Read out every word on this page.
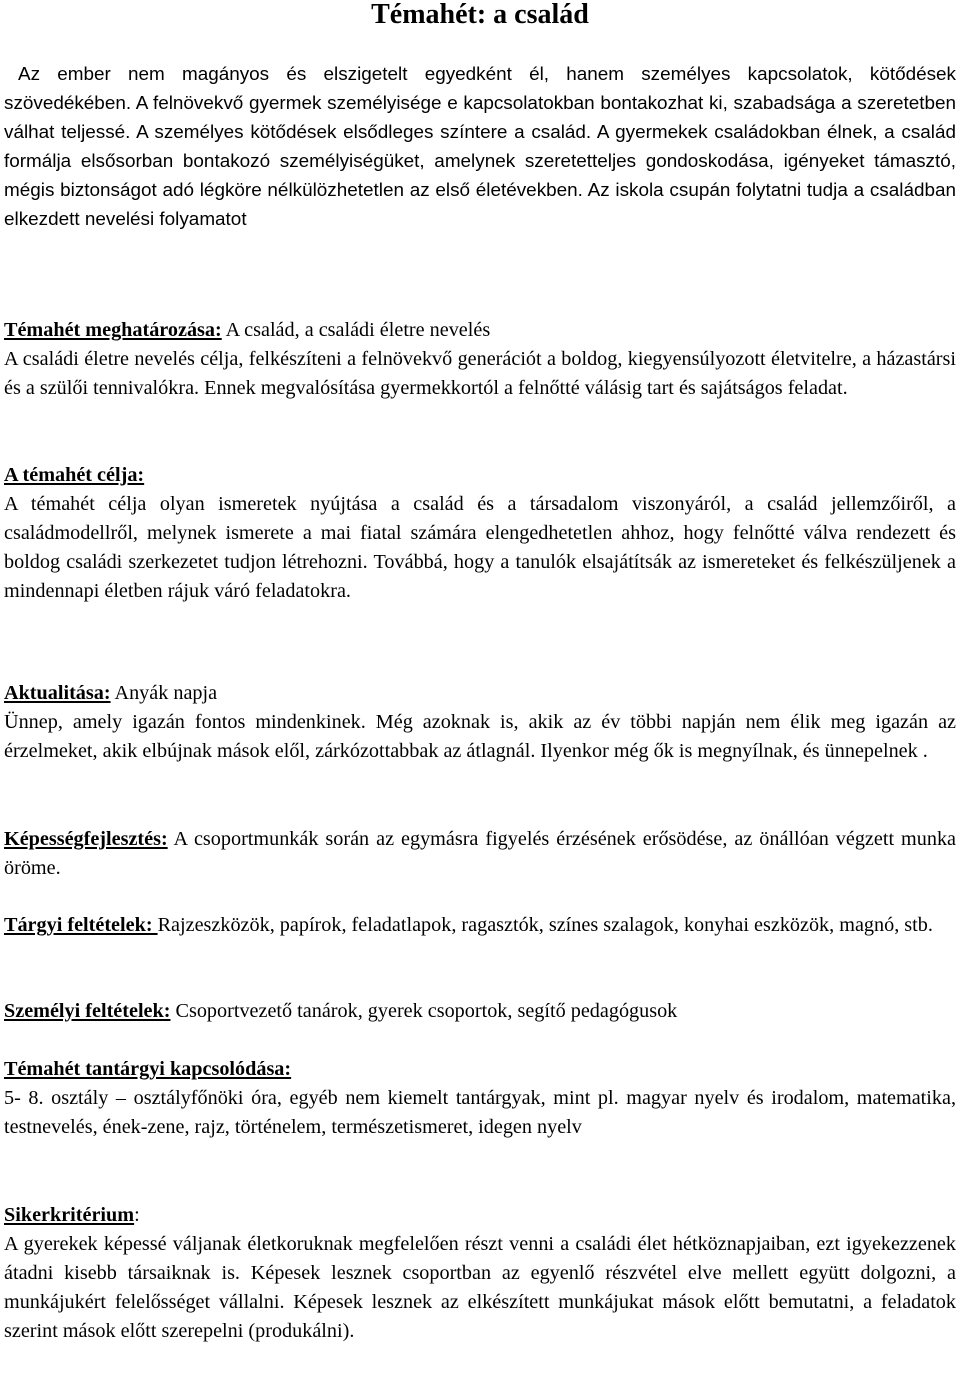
Témahét: a család

Az ember nem magányos és elszigetelt egyedként él, hanem személyes kapcsolatok, kötődések szövedékében. A felnövekvő gyermek személyisége e kapcsolatokban bontakozhat ki, szabadsága a szeretetben válhat teljessé. A személyes kötődések elsődleges színtere a család. A gyermekek családokban élnek, a család formálja elsősorban bontakozó személyiségüket, amelynek szeretetteljes gondoskodása, igényeket támasztó, mégis biztonságot adó légköre nélkülözhetetlen az első életévekben. Az iskola csupán folytatni tudja a családban elkezdett nevelési folyamatot

Témahét meghatározása: A család, a családi életre nevelés
A családi életre nevelés célja, felkészíteni a felnövekvő generációt a boldog, kiegyensúlyozott életvitelre, a házastársi és a szülői tennivalókra. Ennek megvalósítása gyermekkortól a felnőtté válásig tart és sajátságos feladat.
A témahét célja:
A témahét célja olyan ismeretek nyújtása a család és a társadalom viszonyáról, a család jellemzőiről, a családmodellről, melynek ismerete a mai fiatal számára elengedhetetlen ahhoz, hogy felnőtté válva rendezett és boldog családi szerkezetet tudjon létrehozni. Továbbá, hogy a tanulók elsajátítsák az ismereteket és felkészüljenek a mindennapi életben rájuk váró feladatokra.
Aktualitása: Anyák napja
Ünnep, amely igazán fontos mindenkinek. Még azoknak is, akik az év többi napján nem élik meg igazán az érzelmeket, akik elbújnak mások elől, zárkózottabbak az átlagnál. Ilyenkor még ők is megnyílnak, és ünnepelnek .
Képességfejlesztés: A csoportmunkák során az egymásra figyelés érzésének erősödése, az önállóan végzett munka öröme.
Tárgyi feltételek: Rajzeszközök, papírok, feladatlapok, ragasztók, színes szalagok, konyhai eszközök, magnó, stb.
Személyi feltételek: Csoportvezető tanárok, gyerek csoportok, segítő pedagógusok
Témahét tantárgyi kapcsolódása:
5- 8. osztály – osztályfőnöki óra, egyéb nem kiemelt tantárgyak, mint pl. magyar nyelv és irodalom, matematika, testnevelés, ének-zene, rajz, történelem, természetismeret, idegen nyelv
Sikerkritérium:
A gyerekek képessé váljanak életkoruknak megfelelően részt venni a családi élet hétköznapjaiban, ezt igyekezzenek átadni kisebb társaiknak is. Képesek lesznek csoportban az egyenlő részvétel elve mellett együtt dolgozni, a munkájukért felelősséget vállalni. Képesek lesznek az elkészített munkájukat mások előtt bemutatni, a feladatok szerint mások előtt szerepelni (produkálni).
